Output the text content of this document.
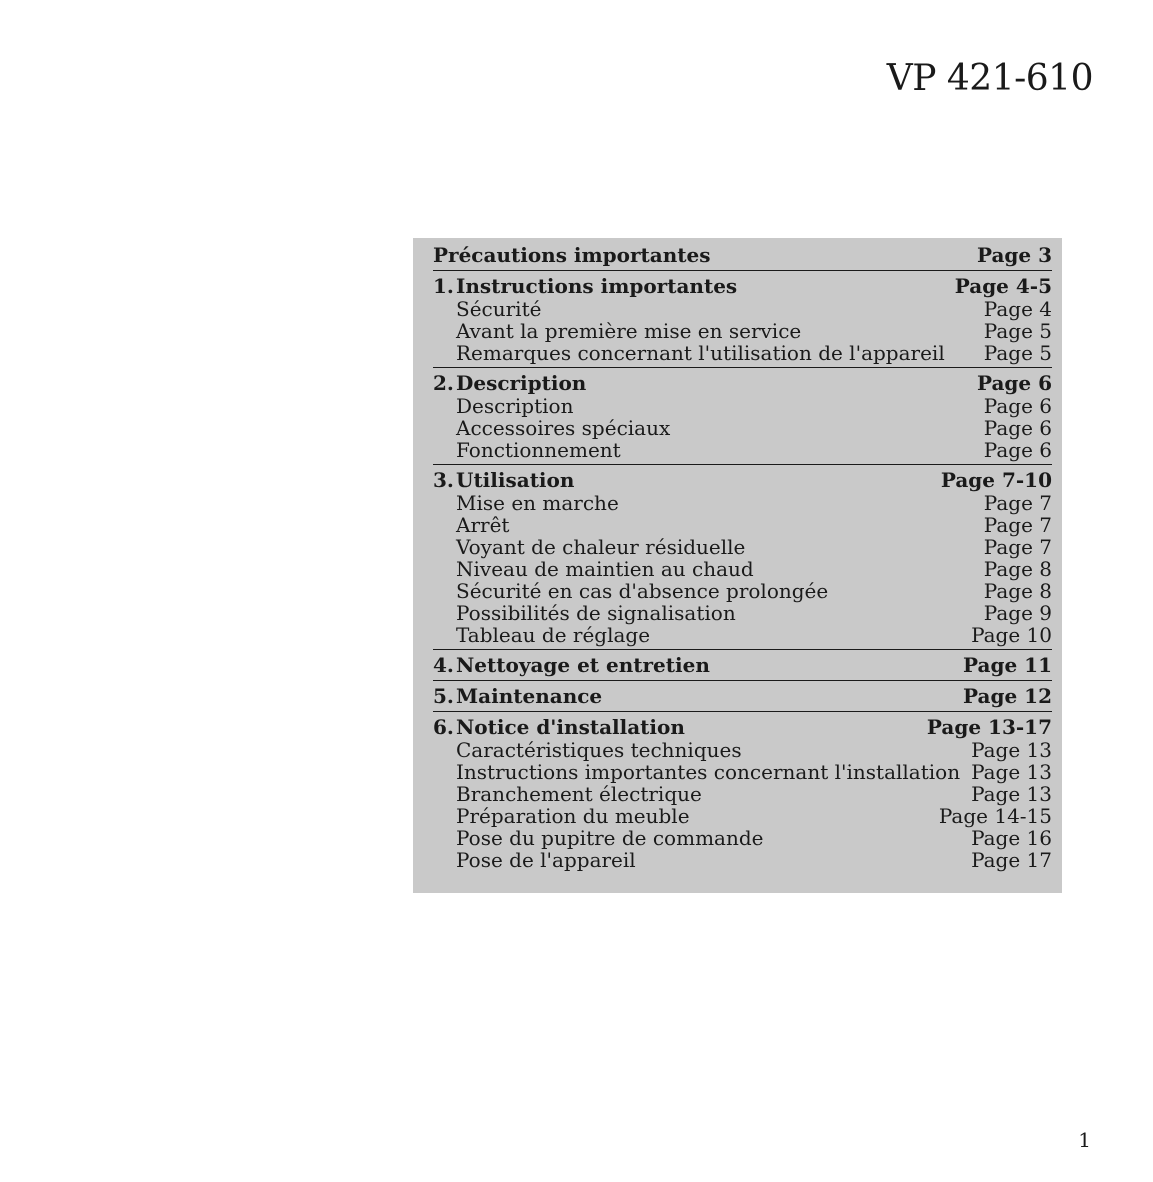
VP 421-610
Précautions importantes	Page 3
1. Instructions importantes	Page 4-5
Sécurité	Page 4
Avant la première mise en service	Page 5
Remarques concernant l'utilisation de l'appareil Page 5
2. Description	Page 6
Description	Page 6
Accessoires spéciaux	Page 6
Fonctionnement	Page 6
3. Utilisation	Page 7-10
Mise en marche	Page 7
Arrêt	Page 7
Voyant de chaleur résiduelle	Page 7
Niveau de maintien au chaud	Page 8
Sécurité en cas d'absence prolongée	Page 8
Possibilités de signalisation	Page 9
Tableau de réglage	Page 10
4. Nettoyage et entretien	Page 11
5. Maintenance	Page 12
6. Notice d'installation	Page 13-17
Caractéristiques techniques	Page 13
Instructions importantes concernant l'installation Page 13
Branchement électrique	Page 13
Préparation du meuble	Page 14-15
Pose du pupitre de commande	Page 16
Pose de l'appareil	Page 17
1
